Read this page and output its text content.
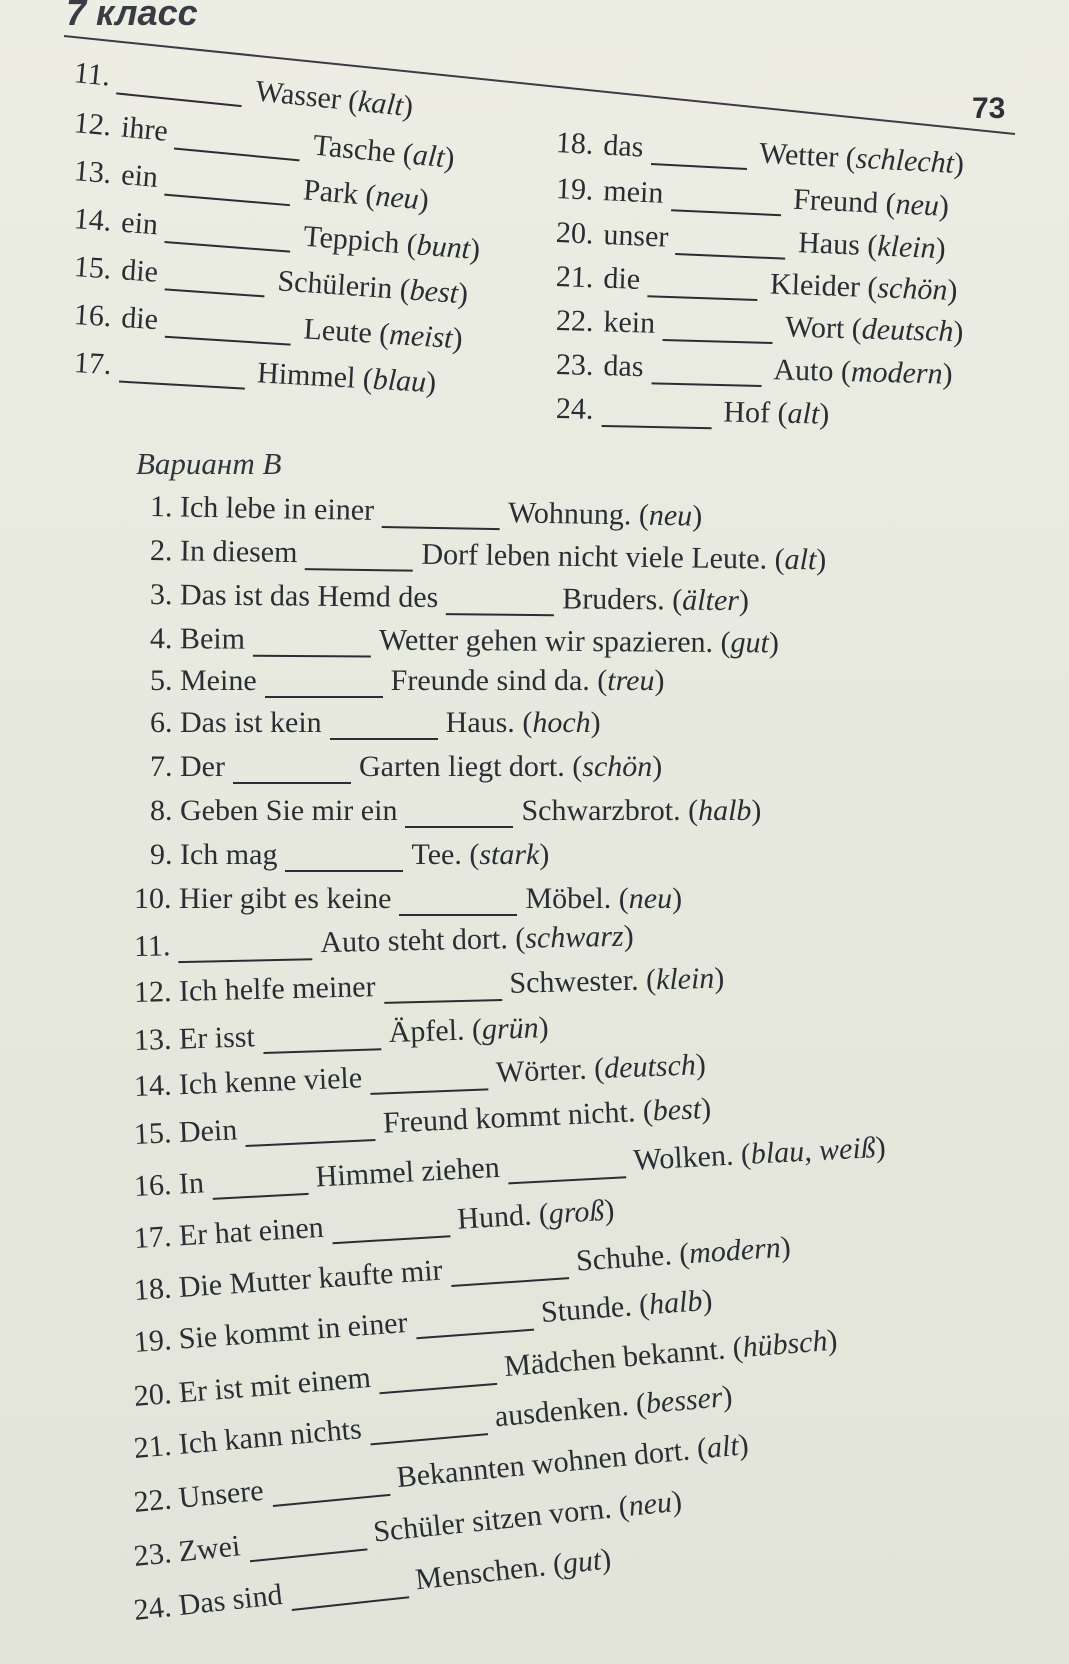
7 класс
73
11.Wasser (kalt)
12. ihre	Tasche (alt)
13. ein	Park (neu)
14. ein	Teppich (bunt)
15. die	Schülerin (best)
16. die	Leute (meist)
17.	Himmel (blau)
18. das	Wetter (schlecht)
19. mein	Freund (neu)
20. unser	Haus (klein)
21. die	Kleider (schön)
22. kein	Wort (deutsch)
23. das	Auto (modern)
24.	Hof (alt)
Вариант B
1. Ich lebe in einer	Wohnung. (neu)
2. In diesem	Dorf leben nicht viele Leute. (alt)
3. Das ist das Hemd des	Bruders. (älter)
4. Beim	Wetter gehen wir spazieren. (gut)
5. Meine	Freunde sind da. (treu)
6. Das ist kein	Haus. (hoch)
7. Der	Garten liegt dort. (schön)
8. Geben Sie mir ein	Schwarzbrot. (halb)
9. Ich mag	Tee. (stark)
10. Hier gibt es keine	Möbel. (neu)
11.	Auto steht dort. (schwarz)
12. Ich helfe meiner	Schwester. (klein)
13. Er isst	Äpfel. (grün)
14. Ich kenne viele	Wörter. (deutsch)
15. Dein	Freund kommt nicht. (best)
16. In	Himmel ziehen	Wolken. (blau, weiß)
17. Er hat einen	Hund. (groß)
18. Die Mutter kaufte mir	Schuhe. (modern)
19. Sie kommt in einer	Stunde. (halb)
20. Er ist mit einemMädchen bekannt. (hübsch)
21. Ich kann nichtsausdenken. (besser)
22. UnsereBekannten wohnen dort. (alt)
23. ZweiSchüler sitzen vorn. (neu)
24. Das sindMenschen. (gut)
